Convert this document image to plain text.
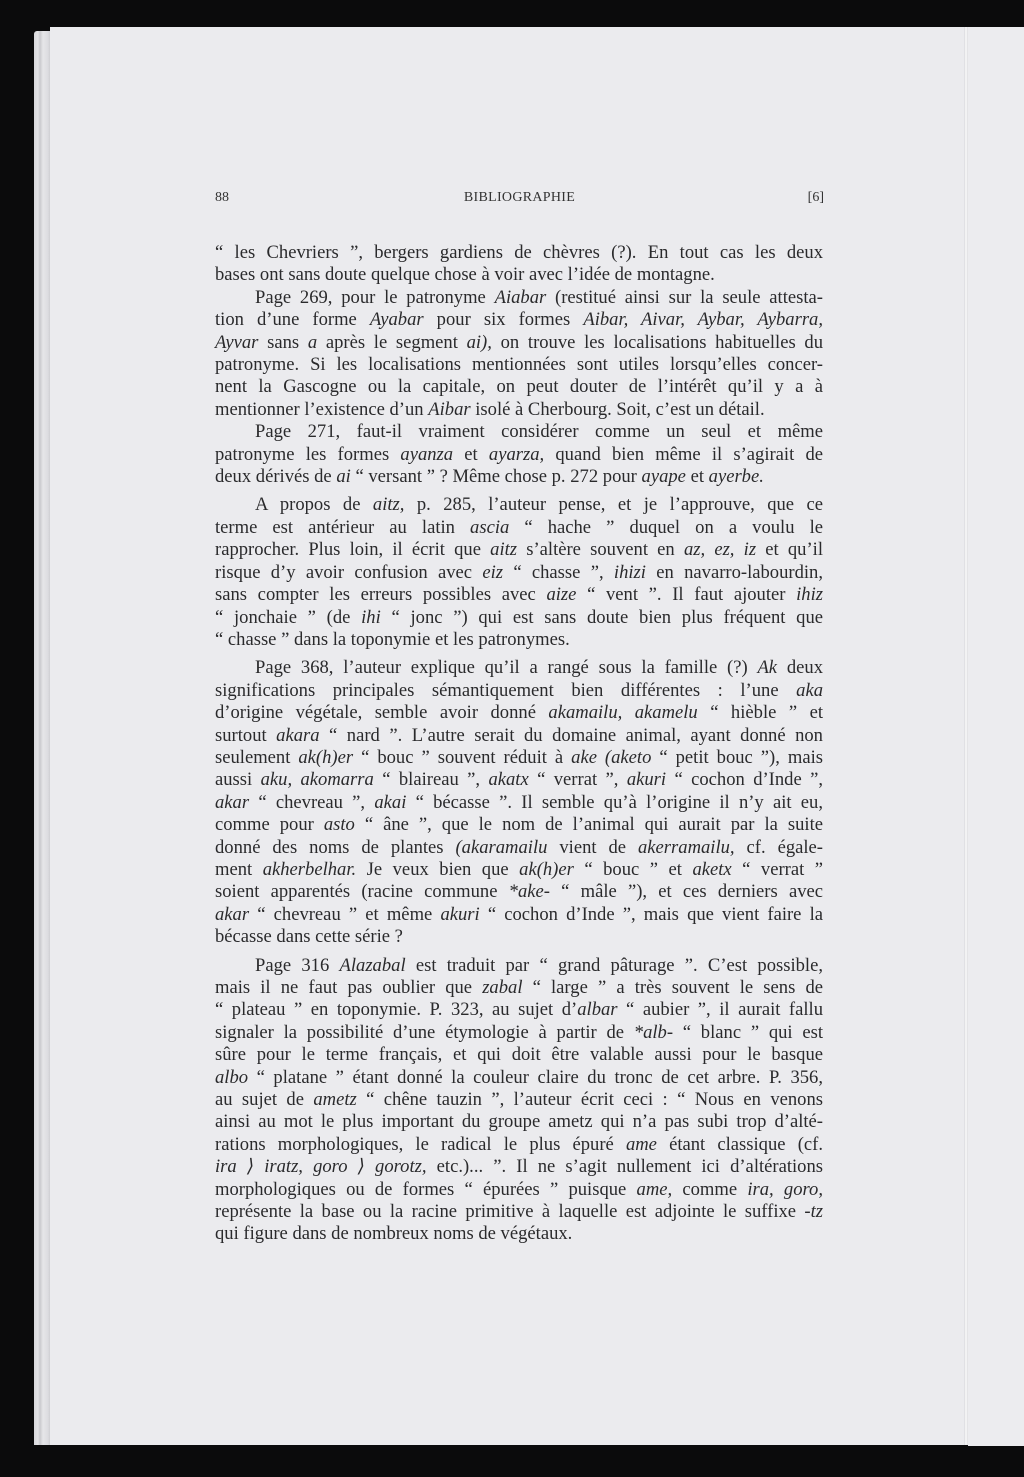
88	BIBLIOGRAPHIE	[6]
“ les Chevriers ”, bergers gardiens de chèvres (?). En tout cas les deux
bases ont sans doute quelque chose à voir avec l’idée de montagne.
Page 269, pour le patronyme Aiabar (restitué ainsi sur la seule attesta-
tion d’une forme Ayabar pour six formes Aibar, Aivar, Aybar, Aybarra,
Ayvar sans a après le segment ai), on trouve les localisations habituelles du
patronyme. Si les localisations mentionnées sont utiles lorsqu’elles concer-
nent la Gascogne ou la capitale, on peut douter de l’intérêt qu’il y a à
mentionner l’existence d’un Aibar isolé à Cherbourg. Soit, c’est un détail.
Page 271, faut-il vraiment considérer comme un seul et même
patronyme les formes ayanza et ayarza, quand bien même il s’agirait de
deux dérivés de ai “ versant ” ? Même chose p. 272 pour ayape et ayerbe.
A propos de aitz, p. 285, l’auteur pense, et je l’approuve, que ce
terme est antérieur au latin ascia “ hache ” duquel on a voulu le
rapprocher. Plus loin, il écrit que aitz s’altère souvent en az, ez, iz et qu’il
risque d’y avoir confusion avec eiz “ chasse ”, ihizi en navarro-labourdin,
sans compter les erreurs possibles avec aize “ vent ”. Il faut ajouter ihiz
“ jonchaie ” (de ihi “ jonc ”) qui est sans doute bien plus fréquent que
“ chasse ” dans la toponymie et les patronymes.
Page 368, l’auteur explique qu’il a rangé sous la famille (?) Ak deux
significations principales sémantiquement bien différentes : l’une aka
d’origine végétale, semble avoir donné akamailu, akamelu “ hièble ” et
surtout akara “ nard ”. L’autre serait du domaine animal, ayant donné non
seulement ak(h)er “ bouc ” souvent réduit à ake (aketo “ petit bouc ”), mais
aussi aku, akomarra “ blaireau ”, akatx “ verrat ”, akuri “ cochon d’Inde ”,
akar “ chevreau ”, akai “ bécasse ”. Il semble qu’à l’origine il n’y ait eu,
comme pour asto “ âne ”, que le nom de l’animal qui aurait par la suite
donné des noms de plantes (akaramailu vient de akerramailu, cf. égale-
ment akherbelhar. Je veux bien que ak(h)er “ bouc ” et aketx “ verrat ”
soient apparentés (racine commune *ake- “ mâle ”), et ces derniers avec
akar “ chevreau ” et même akuri “ cochon d’Inde ”, mais que vient faire la
bécasse dans cette série ?
Page 316 Alazabal est traduit par “ grand pâturage ”. C’est possible,
mais il ne faut pas oublier que zabal “ large ” a très souvent le sens de
“ plateau ” en toponymie. P. 323, au sujet d’albar “ aubier ”, il aurait fallu
signaler la possibilité d’une étymologie à partir de *alb- “ blanc ” qui est
sûre pour le terme français, et qui doit être valable aussi pour le basque
albo “ platane ” étant donné la couleur claire du tronc de cet arbre. P. 356,
au sujet de ametz “ chêne tauzin ”, l’auteur écrit ceci : “ Nous en venons
ainsi au mot le plus important du groupe ametz qui n’a pas subi trop d’alté-
rations morphologiques, le radical le plus épuré ame étant classique (cf.
ira ⟩ iratz, goro ⟩ gorotz, etc.)... ”. Il ne s’agit nullement ici d’altérations
morphologiques ou de formes “ épurées ” puisque ame, comme ira, goro,
représente la base ou la racine primitive à laquelle est adjointe le suffixe -tz
qui figure dans de nombreux noms de végétaux.
